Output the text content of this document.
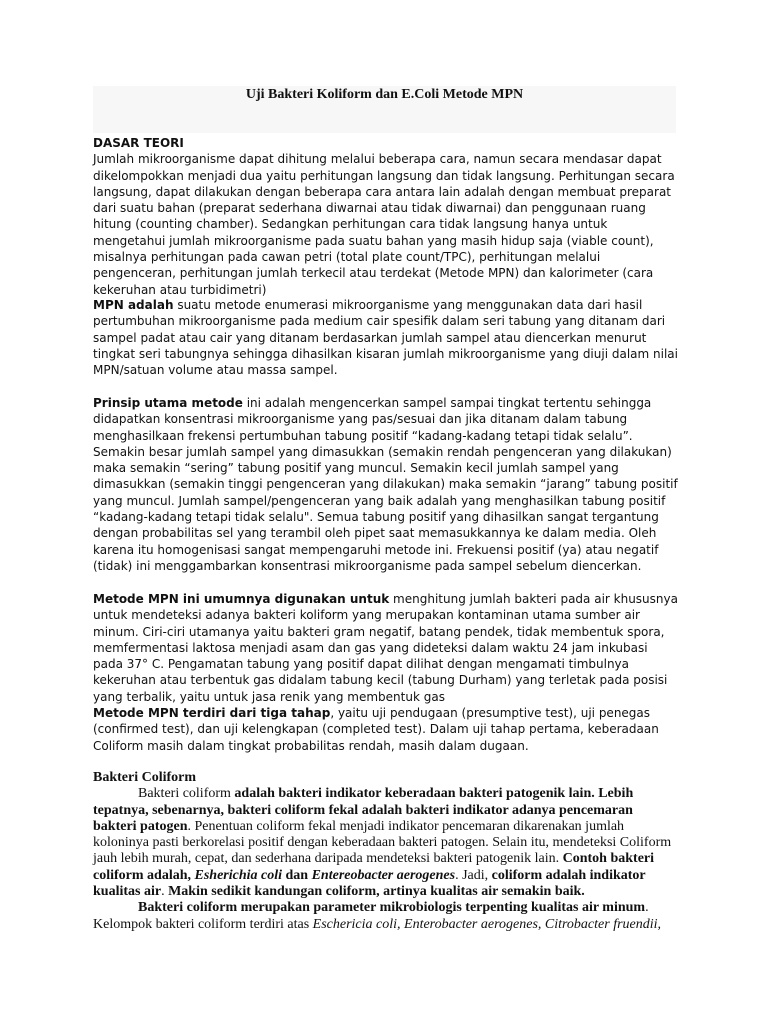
Uji Bakteri Koliform dan E.Coli Metode MPN

DASAR TEORI

Jumlah mikroorganisme dapat dihitung melalui beberapa cara, namun secara mendasar dapat dikelompokkan menjadi dua yaitu perhitungan langsung dan tidak langsung. Perhitungan secara langsung, dapat dilakukan dengan beberapa cara antara lain adalah dengan membuat preparat dari suatu bahan (preparat sederhana diwarnai atau tidak diwarnai) dan penggunaan ruang hitung (counting chamber). Sedangkan perhitungan cara tidak langsung hanya untuk mengetahui jumlah mikroorganisme pada suatu bahan yang masih hidup saja (viable count), misalnya perhitungan pada cawan petri (total plate count/TPC), perhitungan melalui pengenceran, perhitungan jumlah terkecil atau terdekat (Metode MPN) dan kalorimeter (cara kekeruhan atau turbidimetri)

MPN adalah suatu metode enumerasi mikroorganisme yang menggunakan data dari hasil pertumbuhan mikroorganisme pada medium cair spesifik dalam seri tabung yang ditanam dari sampel padat atau cair yang ditanam berdasarkan jumlah sampel atau diencerkan menurut tingkat seri tabungnya sehingga dihasilkan kisaran jumlah mikroorganisme yang diuji dalam nilai MPN/satuan volume atau massa sampel.

Prinsip utama metode ini adalah mengencerkan sampel sampai tingkat tertentu sehingga didapatkan konsentrasi mikroorganisme yang pas/sesuai dan jika ditanam dalam tabung menghasilkaan frekensi pertumbuhan tabung positif “kadang-kadang tetapi tidak selalu”. Semakin besar jumlah sampel yang dimasukkan (semakin rendah pengenceran yang dilakukan) maka semakin “sering” tabung positif yang muncul. Semakin kecil jumlah sampel yang dimasukkan (semakin tinggi pengenceran yang dilakukan) maka semakin “jarang” tabung positif yang muncul. Jumlah sampel/pengenceran yang baik adalah yang menghasilkan tabung positif “kadang-kadang tetapi tidak selalu". Semua tabung positif yang dihasilkan sangat tergantung dengan probabilitas sel yang terambil oleh pipet saat memasukkannya ke dalam media. Oleh karena itu homogenisasi sangat mempengaruhi metode ini. Frekuensi positif (ya) atau negatif (tidak) ini menggambarkan konsentrasi mikroorganisme pada sampel sebelum diencerkan.

Metode MPN ini umumnya digunakan untuk menghitung jumlah bakteri pada air khususnya untuk mendeteksi adanya bakteri koliform yang merupakan kontaminan utama sumber air minum. Ciri-ciri utamanya yaitu bakteri gram negatif, batang pendek, tidak membentuk spora, memfermentasi laktosa menjadi asam dan gas yang dideteksi dalam waktu 24 jam inkubasi pada 37° C. Pengamatan tabung yang positif dapat dilihat dengan mengamati timbulnya kekeruhan atau terbentuk gas didalam tabung kecil (tabung Durham) yang terletak pada posisi yang terbalik, yaitu untuk jasa renik yang membentuk gas

Metode MPN terdiri dari tiga tahap, yaitu uji pendugaan (presumptive test), uji penegas (confirmed test), dan uji kelengkapan (completed test). Dalam uji tahap pertama, keberadaan Coliform masih dalam tingkat probabilitas rendah, masih dalam dugaan.

Bakteri Coliform

Bakteri coliform adalah bakteri indikator keberadaan bakteri patogenik lain. Lebih tepatnya, sebenarnya, bakteri coliform fekal adalah bakteri indikator adanya pencemaran bakteri patogen. Penentuan coliform fekal menjadi indikator pencemaran dikarenakan jumlah koloninya pasti berkorelasi positif dengan keberadaan bakteri patogen. Selain itu, mendeteksi Coliform jauh lebih murah, cepat, dan sederhana daripada mendeteksi bakteri patogenik lain. Contoh bakteri coliform adalah, Esherichia coli dan Entereobacter aerogenes. Jadi, coliform adalah indikator kualitas air. Makin sedikit kandungan coliform, artinya kualitas air semakin baik.

Bakteri coliform merupakan parameter mikrobiologis terpenting kualitas air minum.

Kelompok bakteri coliform terdiri atas Eschericia coli, Enterobacter aerogenes, Citrobacter fruendii,
